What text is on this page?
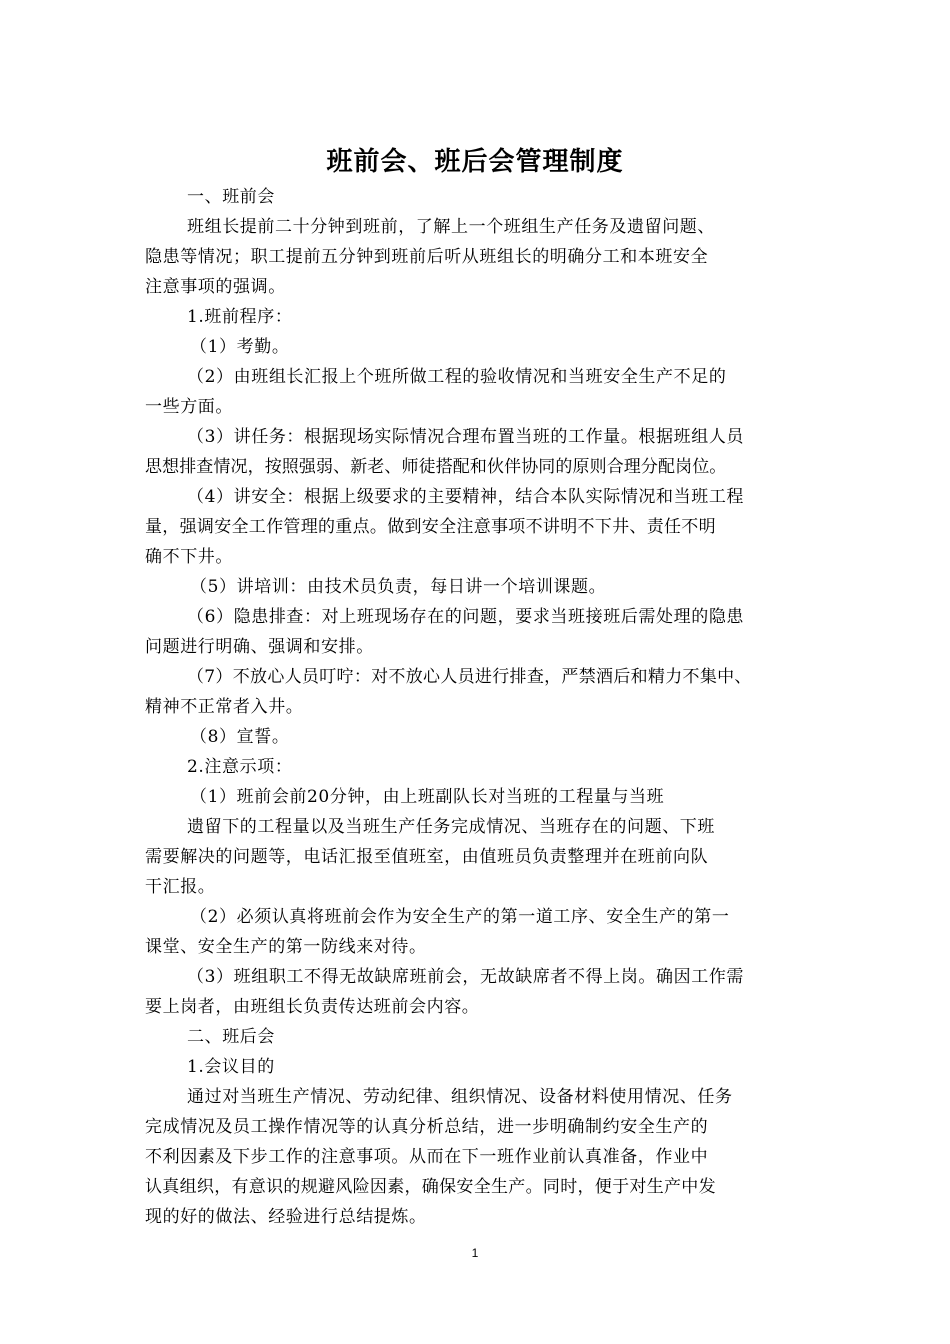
班前会、班后会管理制度
一、班前会
班组长提前二十分钟到班前，了解上一个班组生产任务及遗留问题、
隐患等情况；职工提前五分钟到班前后听从班组长的明确分工和本班安全
注意事项的强调。
1.班前程序：
（1）考勤。
（2）由班组长汇报上个班所做工程的验收情况和当班安全生产不足的
一些方面。
（3）讲任务：根据现场实际情况合理布置当班的工作量。根据班组人员
思想排查情况，按照强弱、新老、师徒搭配和伙伴协同的原则合理分配岗位。
（4）讲安全：根据上级要求的主要精神，结合本队实际情况和当班工程
量，强调安全工作管理的重点。做到安全注意事项不讲明不下井、责任不明
确不下井。
（5）讲培训：由技术员负责，每日讲一个培训课题。
（6）隐患排查：对上班现场存在的问题，要求当班接班后需处理的隐患
问题进行明确、强调和安排。
（7）不放心人员叮咛：对不放心人员进行排查，严禁酒后和精力不集中、
精神不正常者入井。
（8）宣誓。
2.注意示项：
（1）班前会前20分钟，由上班副队长对当班的工程量与当班
遗留下的工程量以及当班生产任务完成情况、当班存在的问题、下班
需要解决的问题等，电话汇报至值班室，由值班员负责整理并在班前向队
干汇报。
（2）必须认真将班前会作为安全生产的第一道工序、安全生产的第一
课堂、安全生产的第一防线来对待。
（3）班组职工不得无故缺席班前会，无故缺席者不得上岗。确因工作需
要上岗者，由班组长负责传达班前会内容。
二、班后会
1.会议目的
通过对当班生产情况、劳动纪律、组织情况、设备材料使用情况、任务
完成情况及员工操作情况等的认真分析总结，进一步明确制约安全生产的
不利因素及下步工作的注意事项。从而在下一班作业前认真准备，作业中
认真组织，有意识的规避风险因素，确保安全生产。同时，便于对生产中发
现的好的做法、经验进行总结提炼。
1
